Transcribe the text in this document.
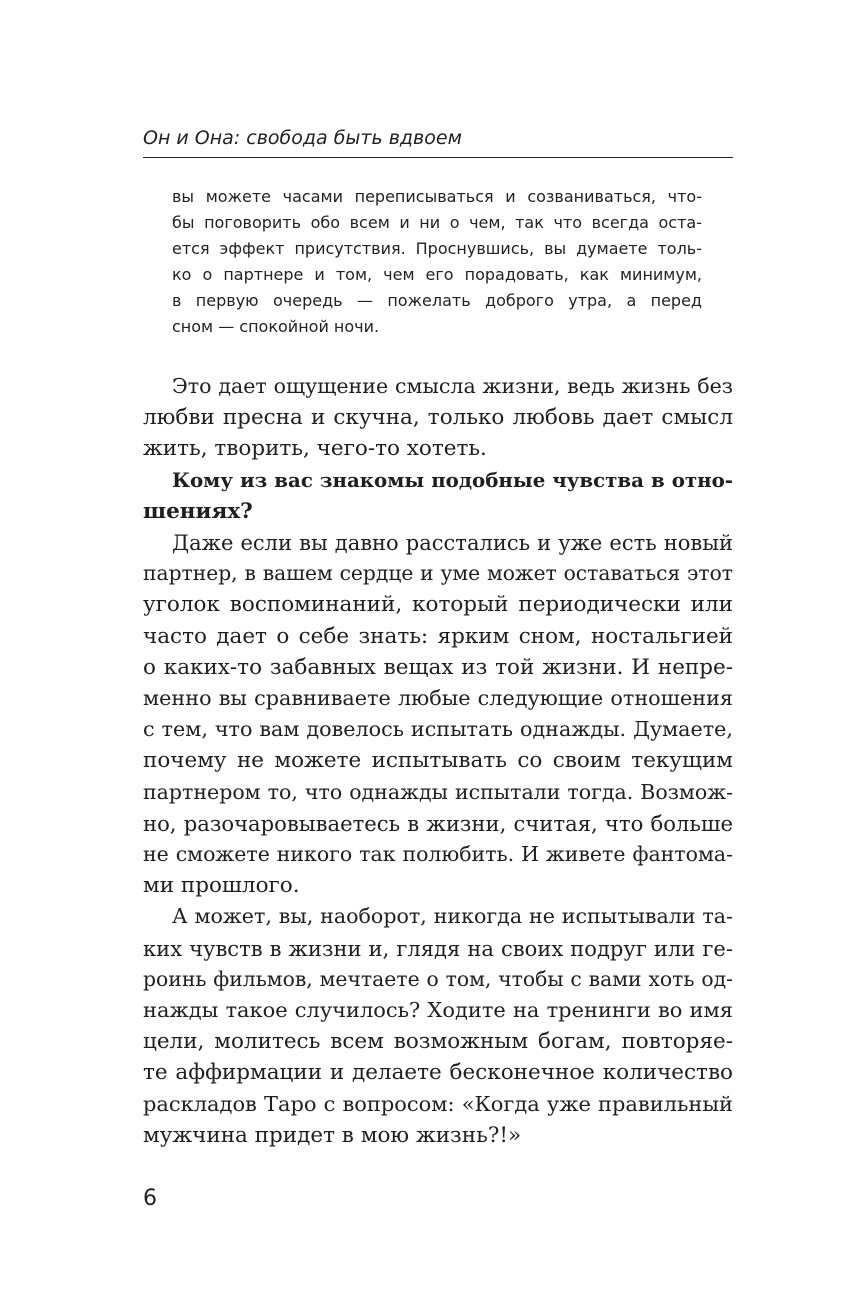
Он и Она: свобода быть вдвоем
вы можете часами переписываться и созваниваться, что-
бы поговорить обо всем и ни о чем, так что всегда оста-
ется эффект присутствия. Проснувшись, вы думаете толь-
ко о партнере и том, чем его порадовать, как минимум,
в первую очередь — пожелать доброго утра, а перед
сном — спокойной ночи.
Это дает ощущение смысла жизни, ведь жизнь без
любви пресна и скучна, только любовь дает смысл
жить, творить, чего-то хотеть.
Кому из вас знакомы подобные чувства в отно-
шениях?
Даже если вы давно расстались и уже есть новый
партнер, в вашем сердце и уме может оставаться этот
уголок воспоминаний, который периодически или
часто дает о себе знать: ярким сном, ностальгией
о каких-то забавных вещах из той жизни. И непре-
менно вы сравниваете любые следующие отношения
с тем, что вам довелось испытать однажды. Думаете,
почему не можете испытывать со своим текущим
партнером то, что однажды испытали тогда. Возмож-
но, разочаровываетесь в жизни, считая, что больше
не сможете никого так полюбить. И живете фантома-
ми прошлого.
А может, вы, наоборот, никогда не испытывали та-
ких чувств в жизни и, глядя на своих подруг или ге-
роинь фильмов, мечтаете о том, чтобы с вами хоть од-
нажды такое случилось? Ходите на тренинги во имя
цели, молитесь всем возможным богам, повторяе-
те аффирмации и делаете бесконечное количество
раскладов Таро с вопросом: «Когда уже правильный
мужчина придет в мою жизнь?!»
6
